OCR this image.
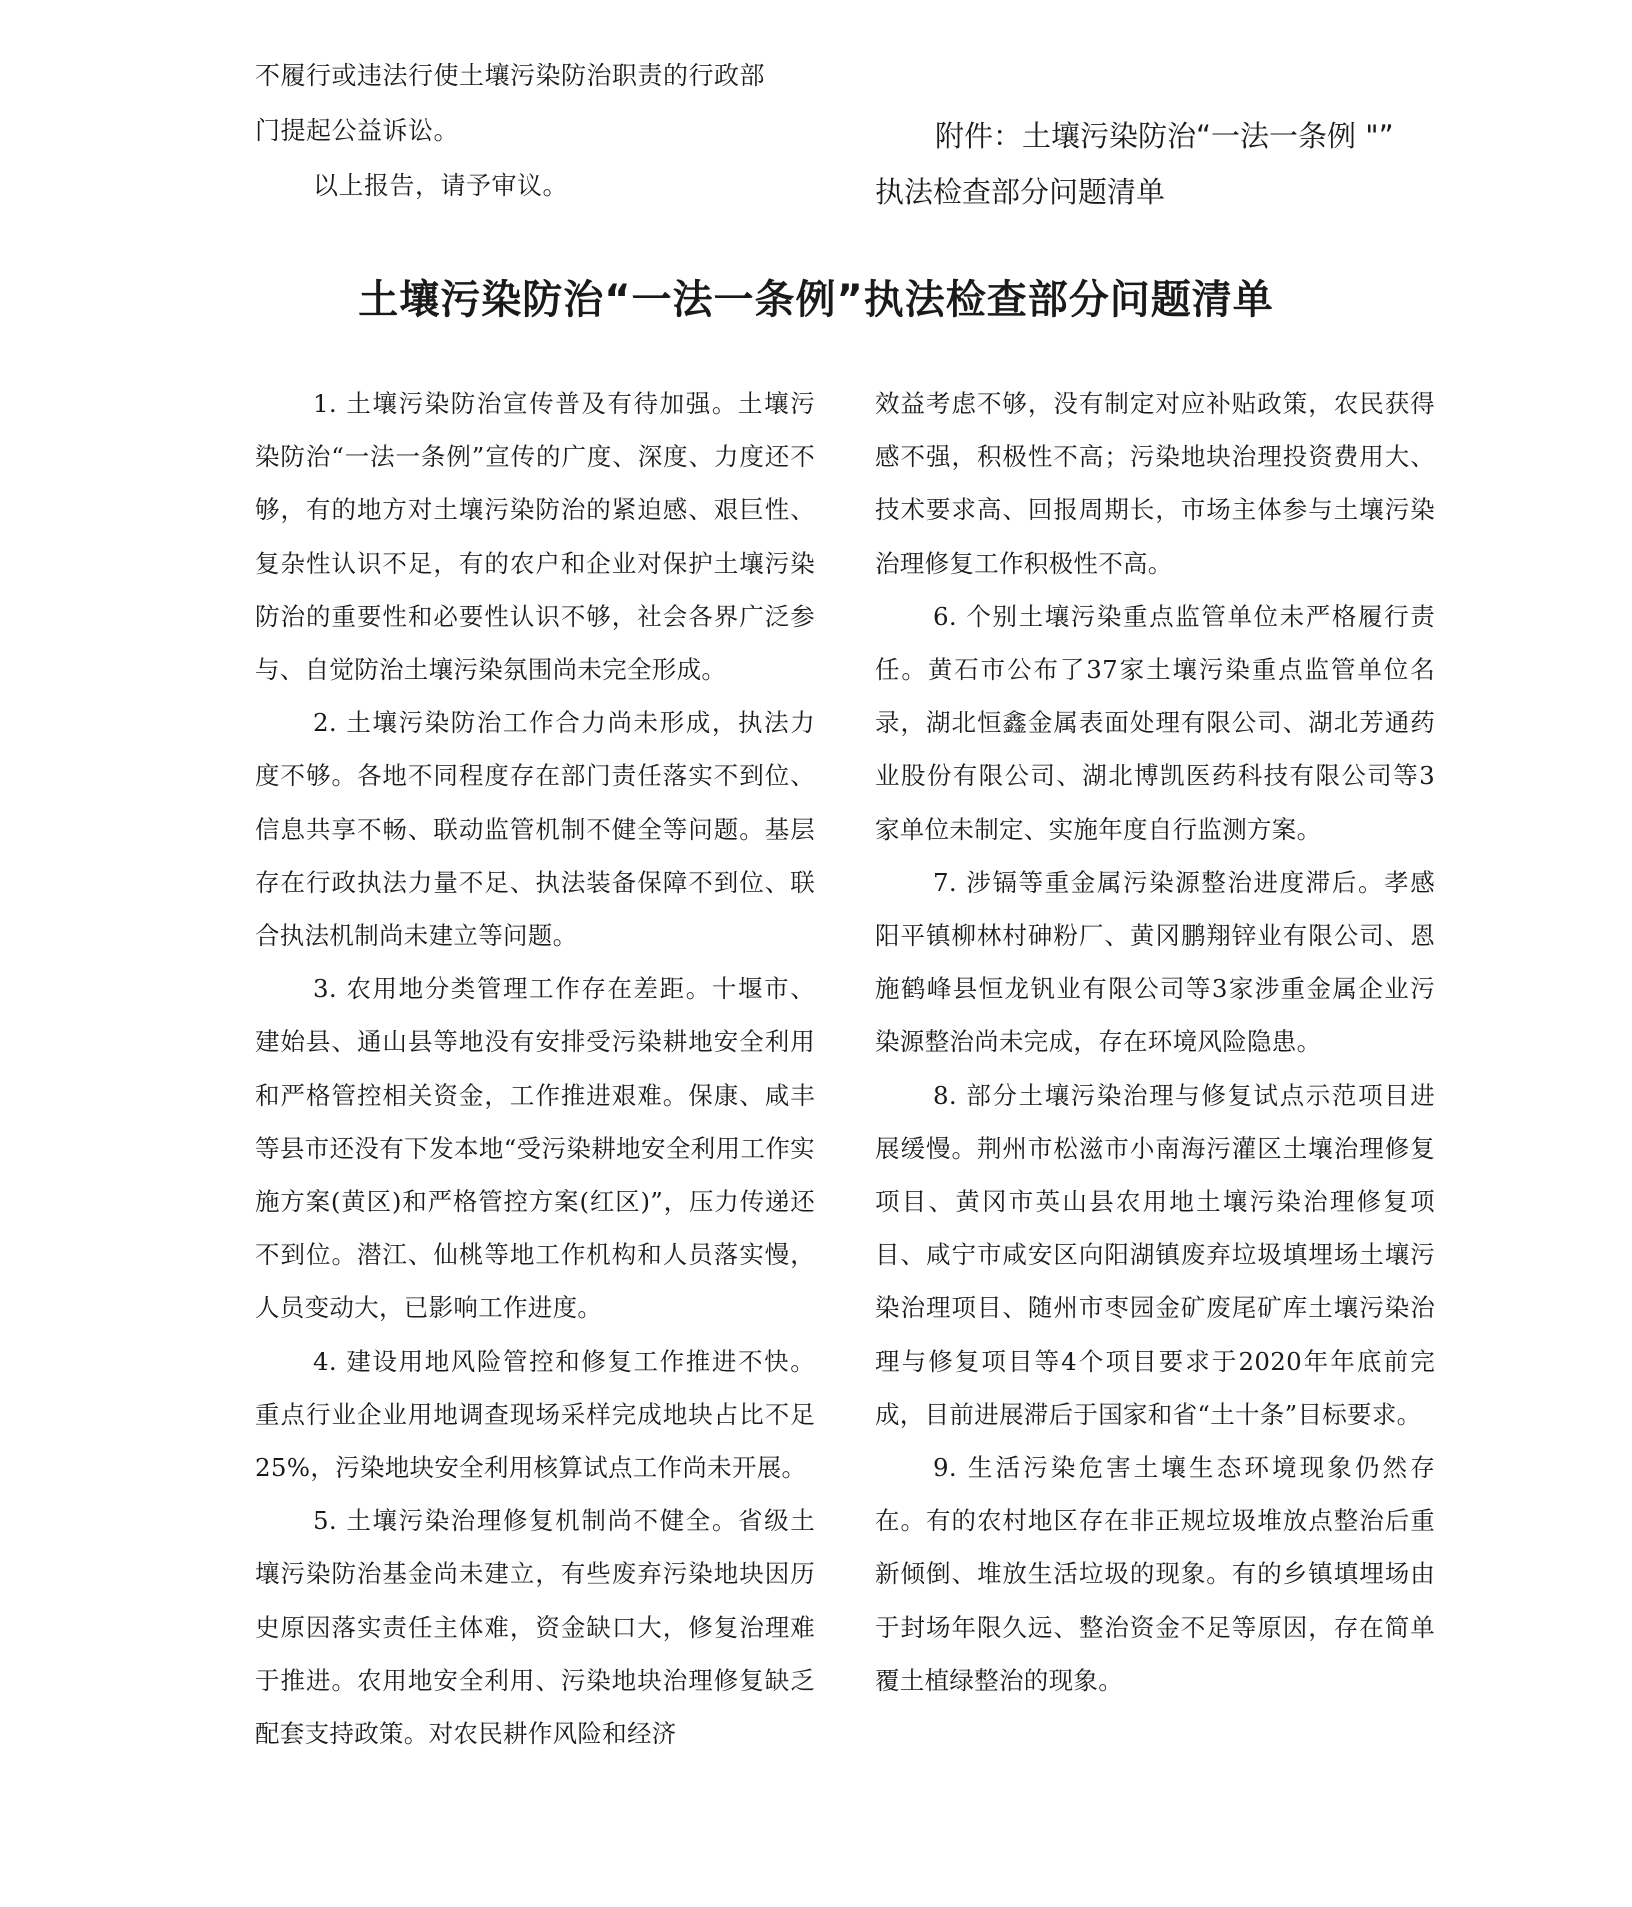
不履行或违法行使土壤污染防治职责的行政部

门提起公益诉讼。

以上报告，请予审议。

附件：土壤污染防治“一法一条例 "”

执法检查部分问题清单

土壤污染防治“一法一条例”执法检查部分问题清单

1. 土壤污染防治宣传普及有待加强。土壤污染防治“一法一条例”宣传的广度、深度、力度还不够，有的地方对土壤污染防治的紧迫感、艰巨性、复杂性认识不足，有的农户和企业对保护土壤污染防治的重要性和必要性认识不够，社会各界广泛参与、自觉防治土壤污染氛围尚未完全形成。

2. 土壤污染防治工作合力尚未形成，执法力度不够。各地不同程度存在部门责任落实不到位、信息共享不畅、联动监管机制不健全等问题。基层存在行政执法力量不足、执法装备保障不到位、联合执法机制尚未建立等问题。

3. 农用地分类管理工作存在差距。十堰市、建始县、通山县等地没有安排受污染耕地安全利用和严格管控相关资金，工作推进艰难。保康、咸丰等县市还没有下发本地“受污染耕地安全利用工作实施方案(黄区)和严格管控方案(红区)”，压力传递还不到位。潜江、仙桃等地工作机构和人员落实慢，人员变动大，已影响工作进度。

4. 建设用地风险管控和修复工作推进不快。重点行业企业用地调查现场采样完成地块占比不足25%，污染地块安全利用核算试点工作尚未开展。

5. 土壤污染治理修复机制尚不健全。省级土壤污染防治基金尚未建立，有些废弃污染地块因历史原因落实责任主体难，资金缺口大，修复治理难于推进。农用地安全利用、污染地块治理修复缺乏配套支持政策。对农民耕作风险和经济

效益考虑不够，没有制定对应补贴政策，农民获得感不强，积极性不高；污染地块治理投资费用大、技术要求高、回报周期长，市场主体参与土壤污染治理修复工作积极性不高。

6. 个别土壤污染重点监管单位未严格履行责任。黄石市公布了37家土壤污染重点监管单位名录，湖北恒鑫金属表面处理有限公司、湖北芳通药业股份有限公司、湖北博凯医药科技有限公司等3家单位未制定、实施年度自行监测方案。

7. 涉镉等重金属污染源整治进度滞后。孝感阳平镇柳林村砷粉厂、黄冈鹏翔锌业有限公司、恩施鹤峰县恒龙钒业有限公司等3家涉重金属企业污染源整治尚未完成，存在环境风险隐患。

8. 部分土壤污染治理与修复试点示范项目进展缓慢。荆州市松滋市小南海污灌区土壤治理修复项目、黄冈市英山县农用地土壤污染治理修复项目、咸宁市咸安区向阳湖镇废弃垃圾填埋场土壤污染治理项目、随州市枣园金矿废尾矿库土壤污染治理与修复项目等4个项目要求于2020年年底前完成，目前进展滞后于国家和省“土十条”目标要求。

9. 生活污染危害土壤生态环境现象仍然存在。有的农村地区存在非正规垃圾堆放点整治后重新倾倒、堆放生活垃圾的现象。有的乡镇填埋场由于封场年限久远、整治资金不足等原因，存在简单覆土植绿整治的现象。
